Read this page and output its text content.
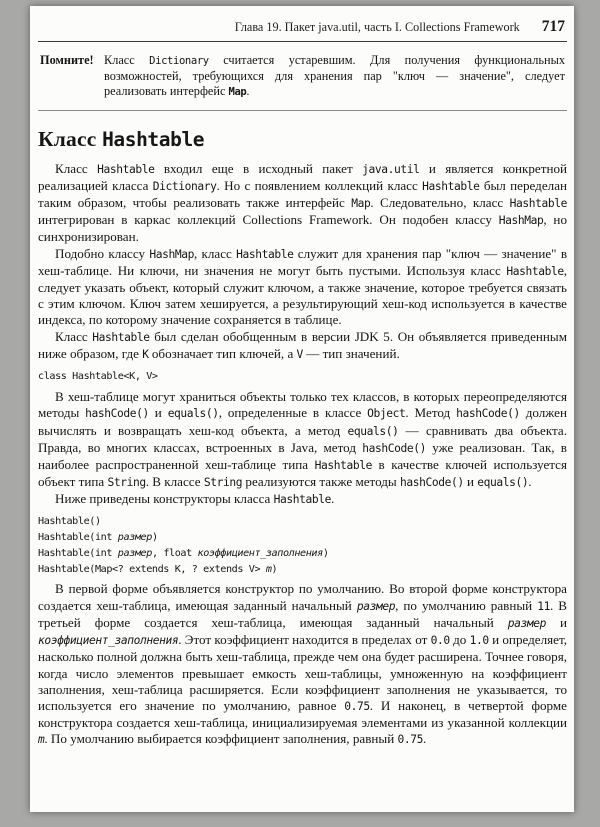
Глава 19. Пакет java.util, часть I. Collections Framework 717
Помните! Класс Dictionary считается устаревшим. Для получения функциональных возможностей, требующихся для хранения пар "ключ — значение", следует реализовать интерфейс Map.
Класс Hashtable

Класс Hashtable входил еще в исходный пакет java.util и является конкретной реализацией класса Dictionary. Но с появлением коллекций класс Hashtable был переделан таким образом, чтобы реализовать также интерфейс Map. Следовательно, класс Hashtable интегрирован в каркас коллекций Collections Framework. Он подобен классу HashMap, но синхронизирован.

Подобно классу HashMap, класс Hashtable служит для хранения пар "ключ — значение" в хеш-таблице. Ни ключи, ни значения не могут быть пустыми. Используя класс Hashtable, следует указать объект, который служит ключом, а также значение, которое требуется связать с этим ключом. Ключ затем хешируется, а результирующий хеш-код используется в качестве индекса, по которому значение сохраняется в таблице.

Класс Hashtable был сделан обобщенным в версии JDK 5. Он объявляется приведенным ниже образом, где K обозначает тип ключей, а V — тип значений.

class Hashtable<K, V>

В хеш-таблице могут храниться объекты только тех классов, в которых переопределяются методы hashCode() и equals(), определенные в классе Object. Метод hashCode() должен вычислять и возвращать хеш-код объекта, а метод equals() — сравнивать два объекта. Правда, во многих классах, встроенных в Java, метод hashCode() уже реализован. Так, в наиболее распространенной хеш-таблице типа Hashtable в качестве ключей используется объект типа String. В классе String реализуются также методы hashCode() и equals().

Ниже приведены конструкторы класса Hashtable.

Hashtable()
Hashtable(int размер)
Hashtable(int размер, float коэффициент_заполнения)
Hashtable(Map<? extends K, ? extends V> m)

В первой форме объявляется конструктор по умолчанию. Во второй форме конструктора создается хеш-таблица, имеющая заданный начальный размер, по умолчанию равный 11. В третьей форме создается хеш-таблица, имеющая заданный начальный размер и коэффициент_заполнения. Этот коэффициент находится в пределах от 0.0 до 1.0 и определяет, насколько полной должна быть хеш-таблица, прежде чем она будет расширена. Точнее говоря, когда число элементов превышает емкость хеш-таблицы, умноженную на коэффициент заполнения, хеш-таблица расширяется. Если коэффициент заполнения не указывается, то используется его значение по умолчанию, равное 0.75. И наконец, в четвертой форме конструктора создается хеш-таблица, инициализируемая элементами из указанной коллекции m. По умолчанию выбирается коэффициент заполнения, равный 0.75.
